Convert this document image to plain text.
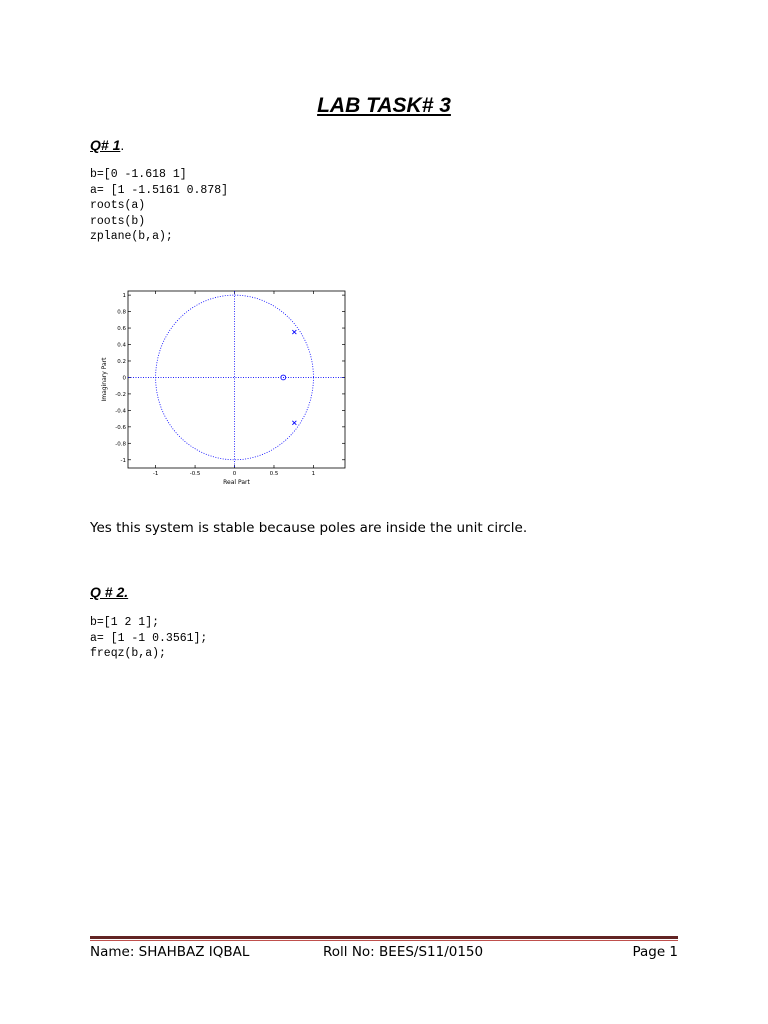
LAB TASK# 3
Q# 1.
b=[0 -1.618 1]
a= [1 -1.5161 0.878]
roots(a)
roots(b)
zplane(b,a);
-1	-0.5	0	0.5	1
1
0.8
0.6
0.4
0.2
0
-0.2
-0.4
-0.6
-0.8
-1
Real Part
Imaginary Part
Yes this system is stable because poles are inside the unit circle.
Q # 2.
b=[1 2 1];
a= [1 -1 0.3561];
freqz(b,a);
Name: SHAHBAZ IQBAL	Roll No: BEES/S11/0150	Page 1
